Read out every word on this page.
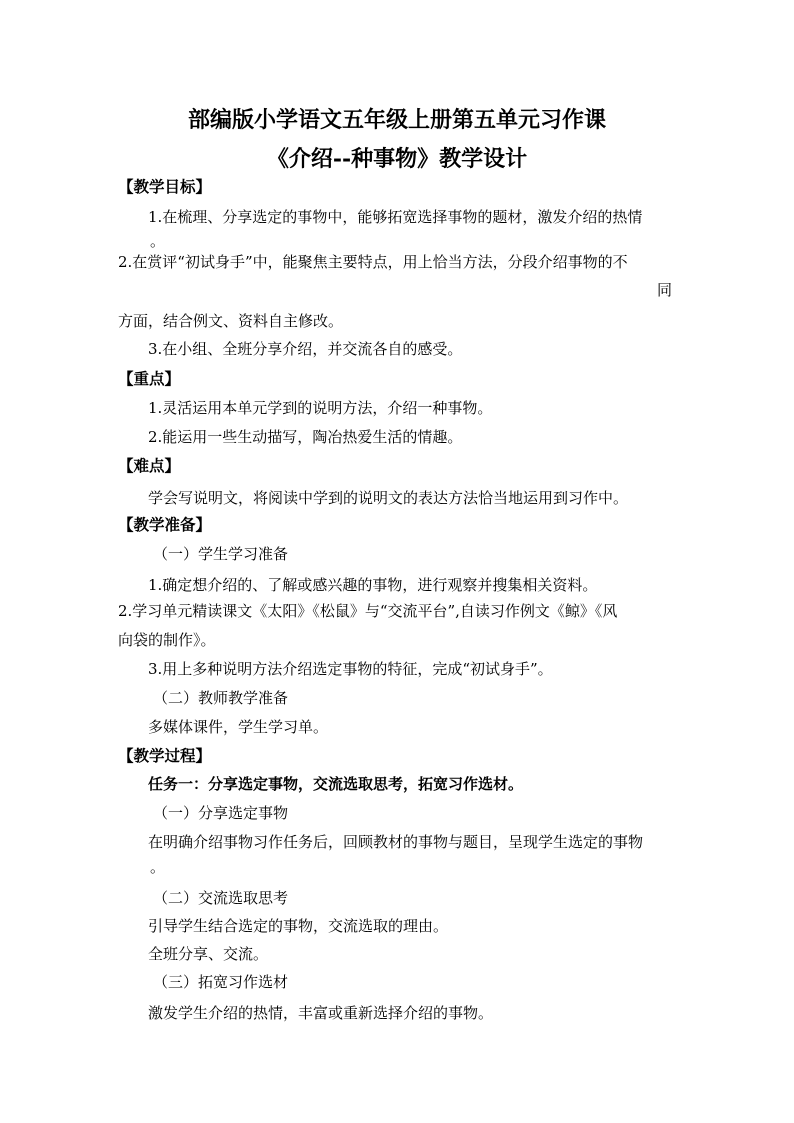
部编版小学语文五年级上册第五单元习作课
《介绍--种事物》教学设计
【教学目标】
1.在梳理、分享选定的事物中，能够拓宽选择事物的题材，激发介绍的热情
。
2.在赏评“初试身手”中，能聚焦主要特点，用上恰当方法，分段介绍事物的不
同
方面，结合例文、资料自主修改。
3.在小组、全班分享介绍，并交流各自的感受。
【重点】
1.灵活运用本单元学到的说明方法，介绍一种事物。
2.能运用一些生动描写，陶冶热爱生活的情趣。
【难点】
学会写说明文，将阅读中学到的说明文的表达方法恰当地运用到习作中。
【教学准备】
（一）学生学习准备
1.确定想介绍的、了解或感兴趣的事物，进行观察并搜集相关资料。
2.学习单元精读课文《太阳》《松鼠》与“交流平台”,自读习作例文《鲸》《风
向袋的制作》。
3.用上多种说明方法介绍选定事物的特征，完成“初试身手”。
（二）教师教学准备
多媒体课件，学生学习单。
【教学过程】
任务一：分享选定事物，交流选取思考，拓宽习作选材。
（一）分享选定事物
在明确介绍事物习作任务后，回顾教材的事物与题目，呈现学生选定的事物
。
（二）交流选取思考
引导学生结合选定的事物，交流选取的理由。
全班分享、交流。
（三）拓宽习作选材
激发学生介绍的热情，丰富或重新选择介绍的事物。
